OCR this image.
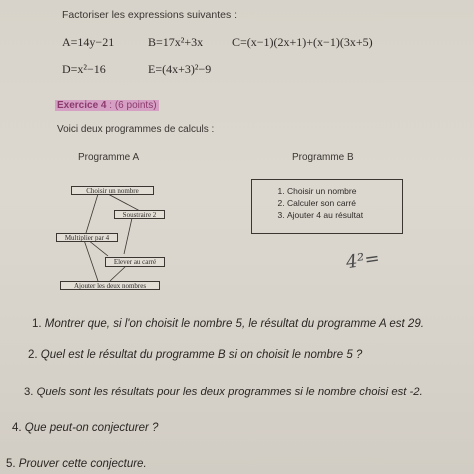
Factoriser les expressions suivantes :
A=14y−21	B=17x²+3x C=(x−1)(2x+1)+(x−1)(3x+5)
D=x²−16	E=(4x+3)²−9
Exercice 4 : (6 points)
Voici deux programmes de calculs :
Programme A	Programme B
Choisir un nombre
Soustraire 2
Multiplier par 4
Elever au carré
Ajouter les deux nombres
1. Choisir un nombre
2. Calculer son carré
3. Ajouter 4 au résultat
4²=
1. Montrer que, si l'on choisit le nombre 5, le résultat du programme A est 29.
2. Quel est le résultat du programme B si on choisit le nombre 5 ?
3. Quels sont les résultats pour les deux programmes si le nombre choisi est -2.
4. Que peut-on conjecturer ?
5. Prouver cette conjecture.
